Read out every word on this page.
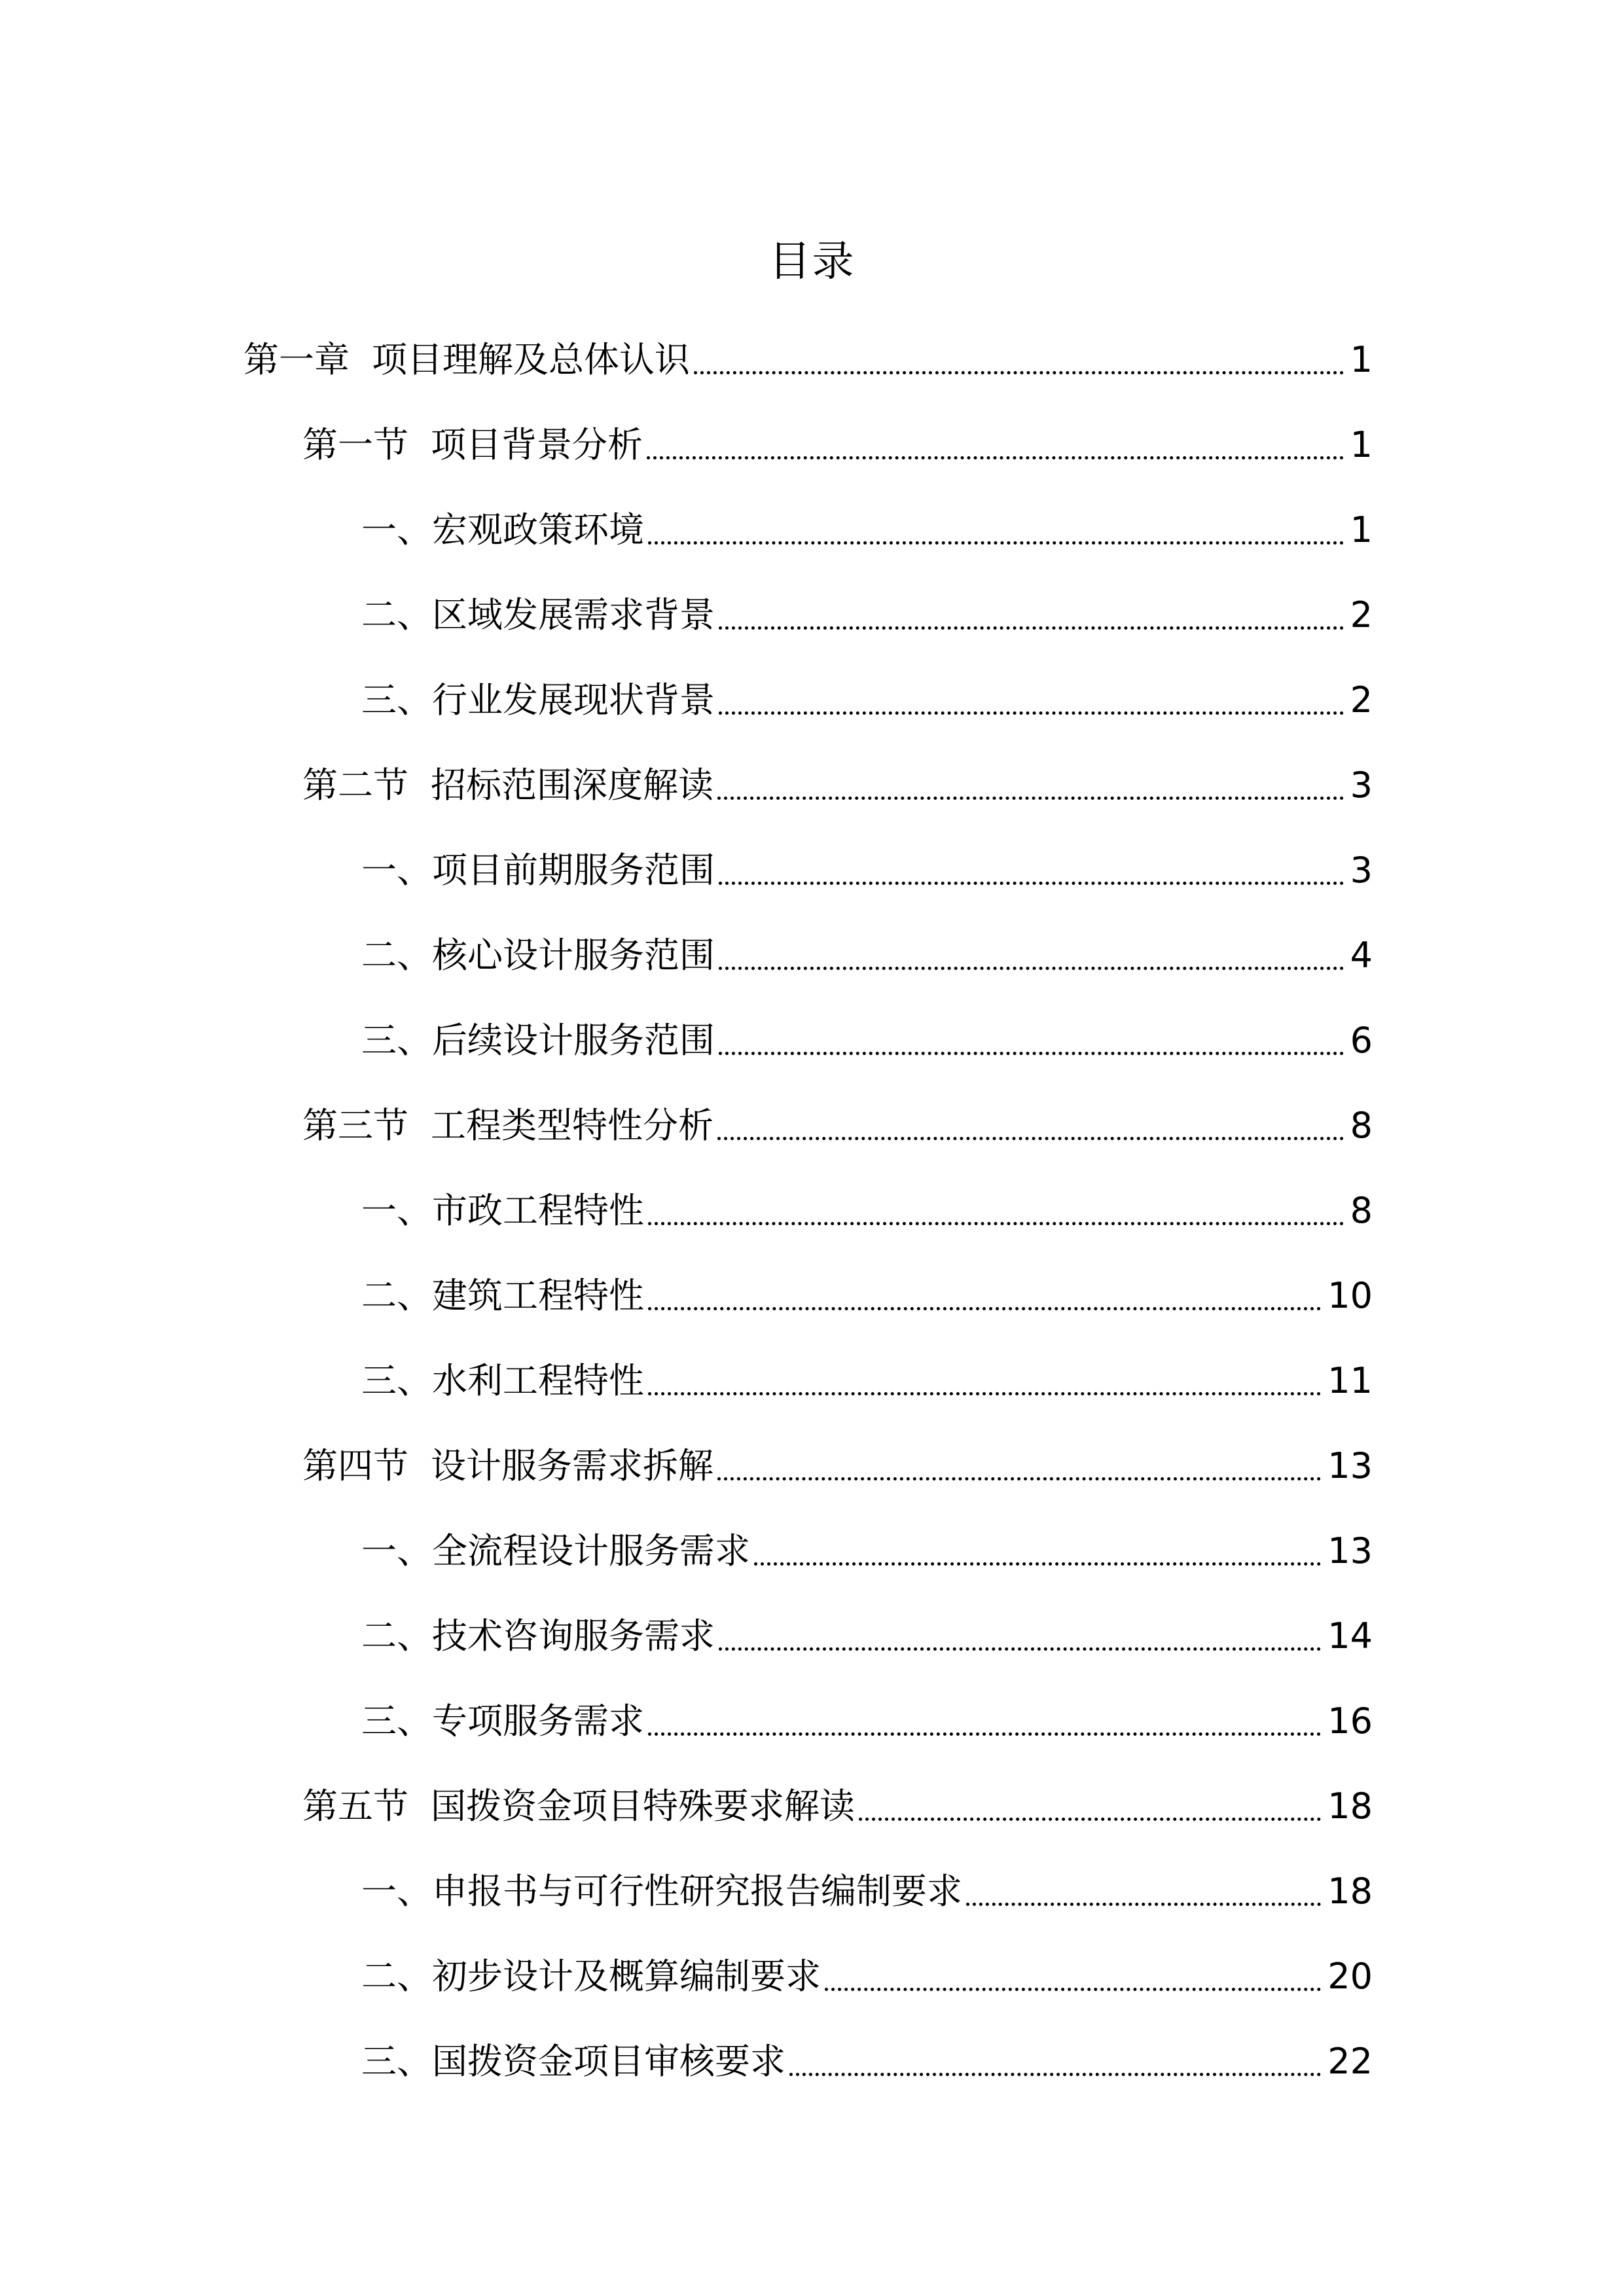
目录
第一章 项目理解及总体认识	1
第一节 项目背景分析	1
一、宏观政策环境	1
二、区域发展需求背景	2
三、行业发展现状背景	2
第二节 招标范围深度解读	3
一、项目前期服务范围	3
二、核心设计服务范围	4
三、后续设计服务范围	6
第三节 工程类型特性分析	8
一、市政工程特性	8
二、建筑工程特性	10
三、水利工程特性	11
第四节 设计服务需求拆解	13
一、全流程设计服务需求	13
二、技术咨询服务需求	14
三、专项服务需求	16
第五节 国拨资金项目特殊要求解读	18
一、申报书与可行性研究报告编制要求	18
二、初步设计及概算编制要求	20
三、国拨资金项目审核要求	22
